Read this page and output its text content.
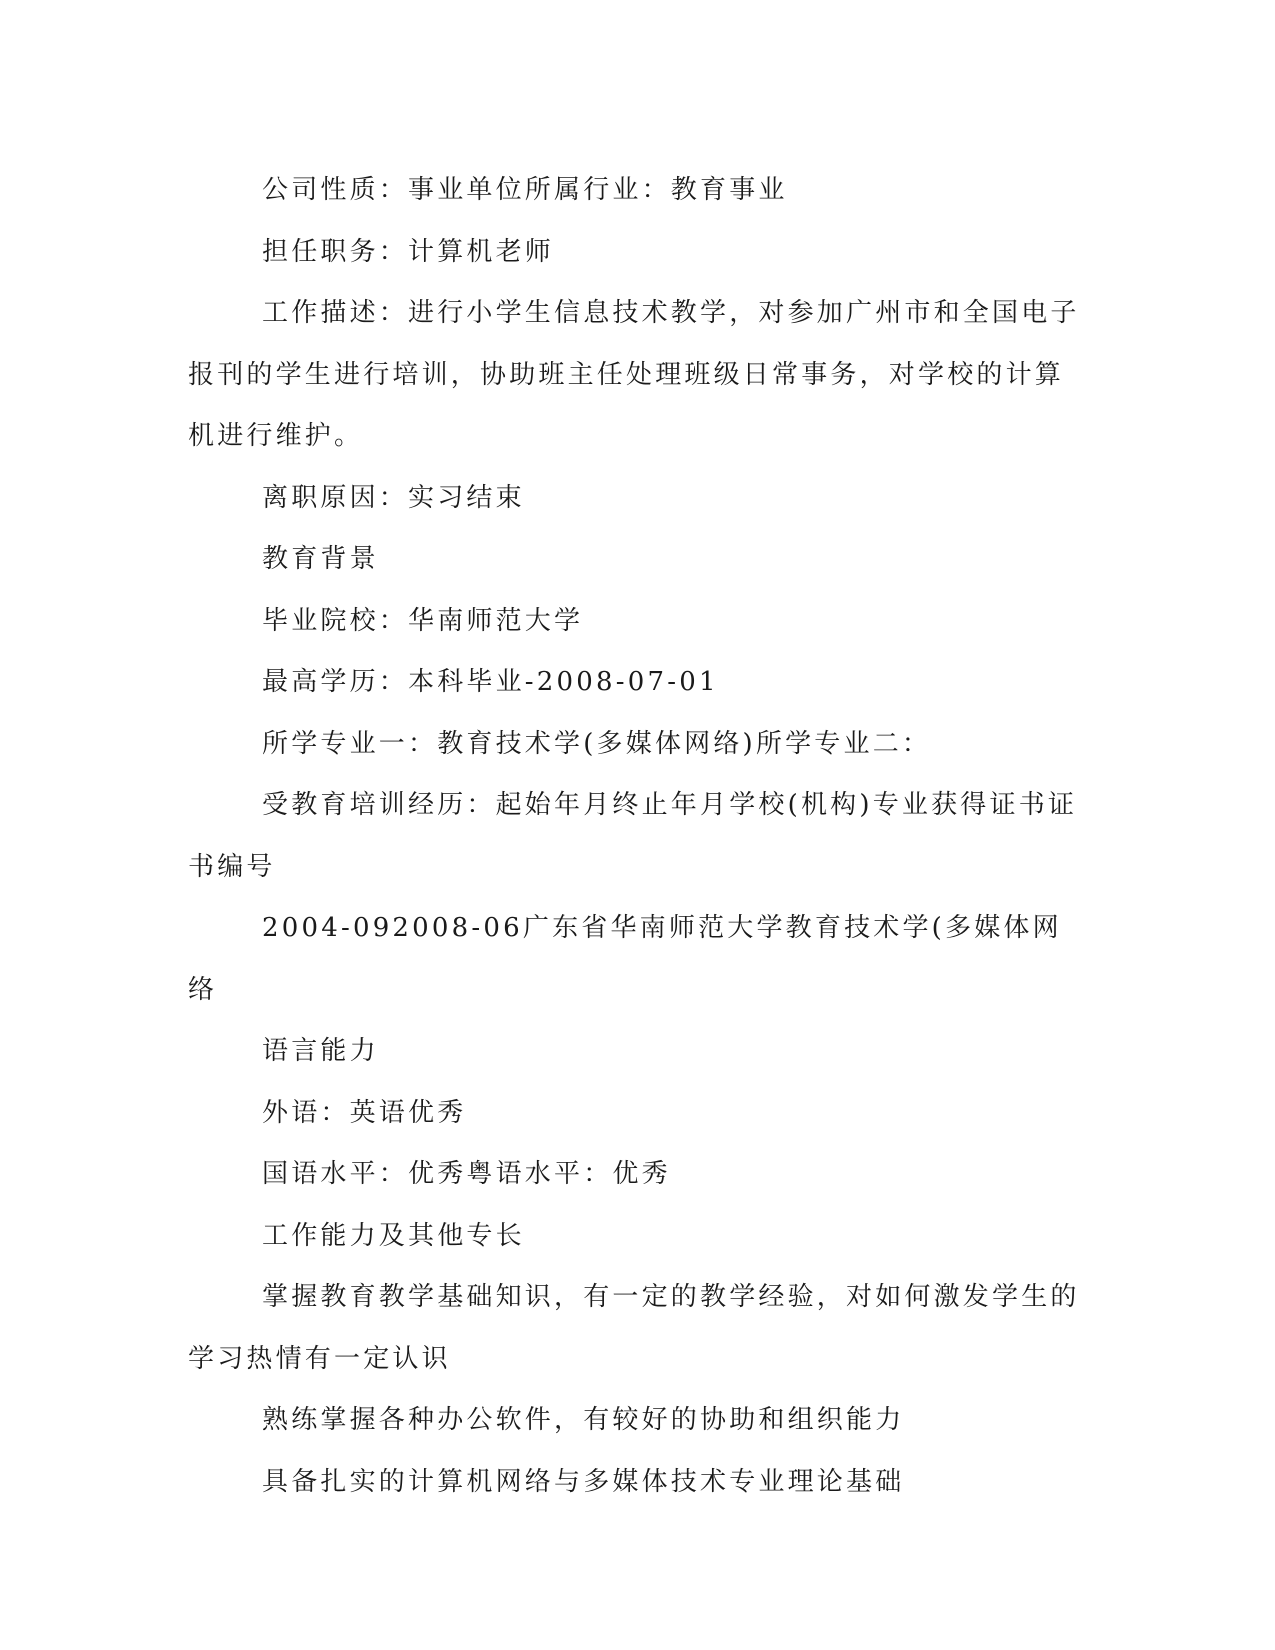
公司性质：事业单位所属行业：教育事业

担任职务：计算机老师

工作描述：进行小学生信息技术教学，对参加广州市和全国电子报刊的学生进行培训，协助班主任处理班级日常事务，对学校的计算机进行维护。

离职原因：实习结束

教育背景

毕业院校：华南师范大学

最高学历：本科毕业-2008-07-01

所学专业一：教育技术学(多媒体网络)所学专业二：

受教育培训经历：起始年月终止年月学校(机构)专业获得证书证书编号

2004-092008-06广东省华南师范大学教育技术学(多媒体网络

语言能力

外语：英语优秀

国语水平：优秀粤语水平：优秀

工作能力及其他专长

掌握教育教学基础知识，有一定的教学经验，对如何激发学生的学习热情有一定认识

熟练掌握各种办公软件，有较好的协助和组织能力

具备扎实的计算机网络与多媒体技术专业理论基础
